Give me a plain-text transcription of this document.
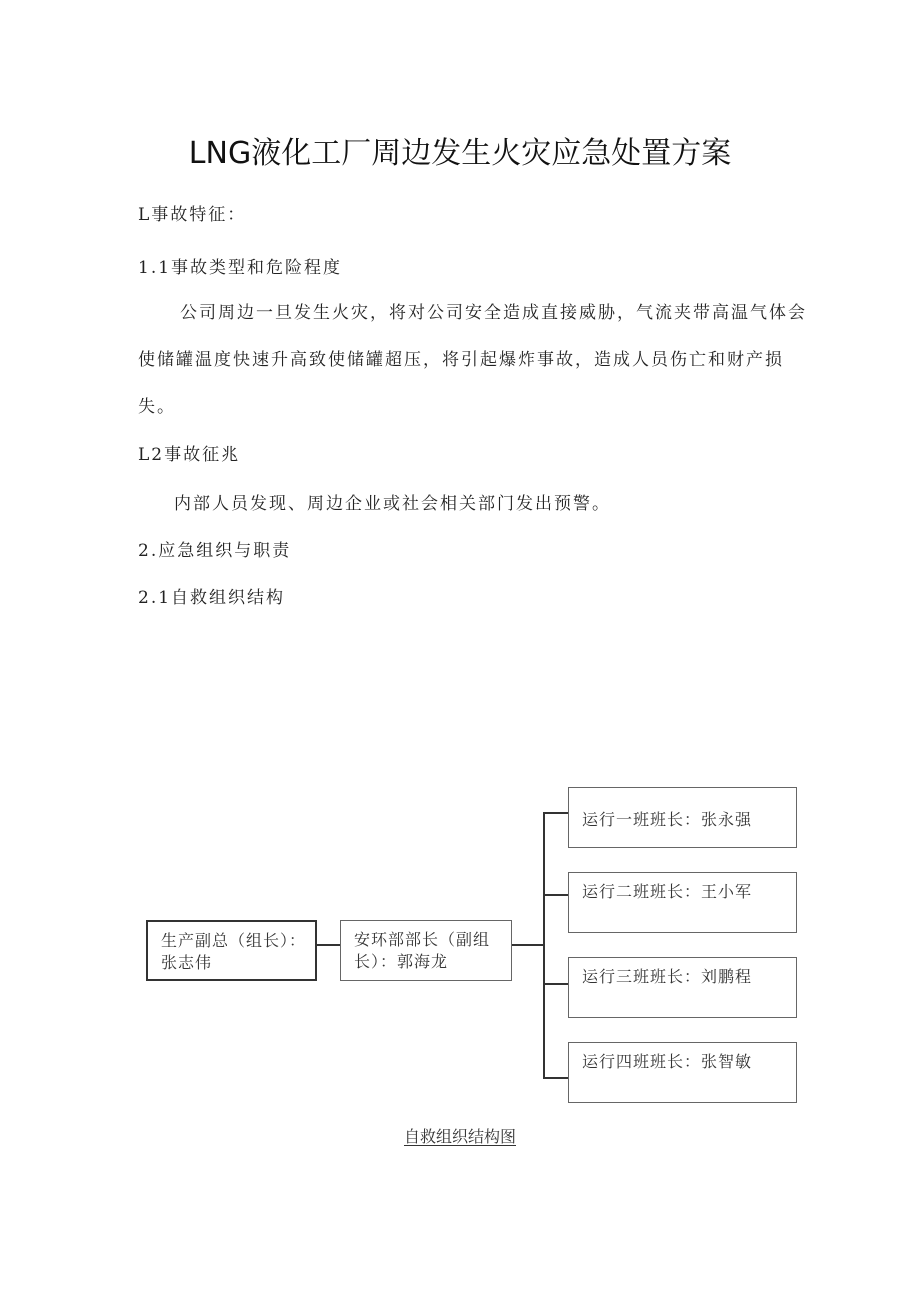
LNG液化工厂周边发生火灾应急处置方案
L事故特征：
1.1事故类型和危险程度
公司周边一旦发生火灾，将对公司安全造成直接威胁，气流夹带高温气体会使储罐温度快速升高致使储罐超压，将引起爆炸事故，造成人员伤亡和财产损失。
L2事故征兆
内部人员发现、周边企业或社会相关部门发出预警。
2.应急组织与职责
2.1自救组织结构
生产副总（组长）：
张志伟
安环部部长（副组
长）：郭海龙
运行一班班长：张永强
运行二班班长：王小军
运行三班班长：刘鹏程
运行四班班长：张智敏
自救组织结构图
